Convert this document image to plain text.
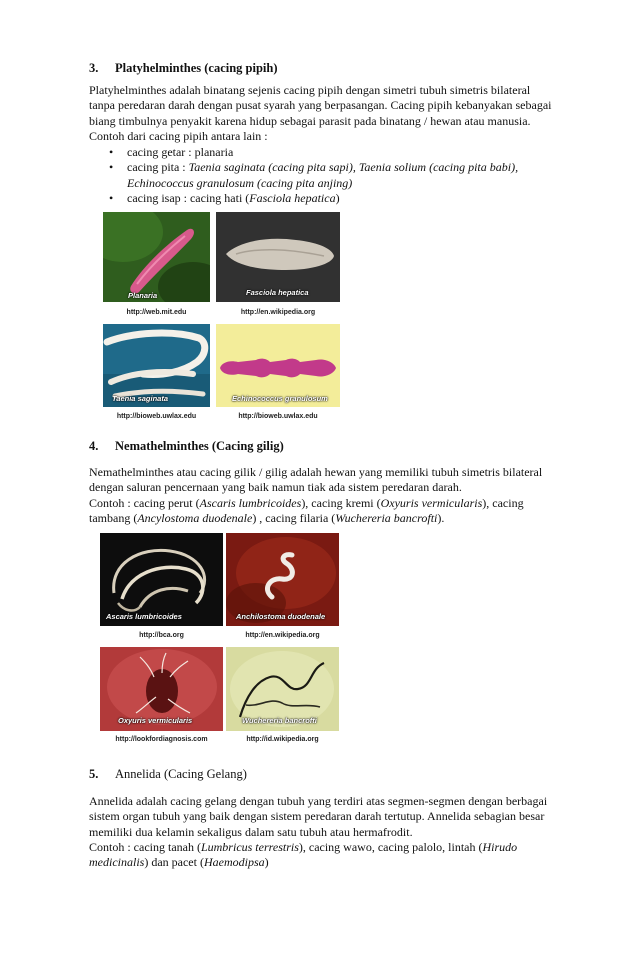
3. Platyhelminthes (cacing pipih)

Platyhelminthes adalah binatang sejenis cacing pipih dengan simetri tubuh simetris bilateral

tanpa peredaran darah dengan pusat syarah yang berpasangan. Cacing pipih kebanyakan sebagai

biang timbulnya penyakit karena hidup sebagai parasit pada binatang / hewan atau manusia.

Contoh dari cacing pipih antara lain :

• cacing getar : planaria
• cacing pita : Taenia saginata (cacing pita sapi), Taenia solium (cacing pita babi),
Echinococcus granulosum (cacing pita anjing)
• cacing isap : cacing hati (Fasciola hepatica)
Planaria	Fasciola hepatica
http://web.mit.edu	http://en.wikipedia.org
Taenia saginata	Echinococcus granulosum
http://bioweb.uwlax.edu	http://bioweb.uwlax.edu
4. Nemathelminthes (Cacing gilig)

Nemathelminthes atau cacing gilik / gilig adalah hewan yang memiliki tubuh simetris bilateral

dengan saluran pencernaan yang baik namun tiak ada sistem peredaran darah.

Contoh : cacing perut (Ascaris lumbricoides), cacing kremi (Oxyuris vermicularis), cacing

tambang (Ancylostoma duodenale) , cacing filaria (Wuchereria bancrofti).

Ascaris lumbricoides	Anchilostoma duodenale
http://bca.org	http://en.wikipedia.org
Oxyuris vermicularis	Wuchereria bancrofti
http://lookfordiagnosis.com	http://id.wikipedia.org
5. Annelida (Cacing Gelang)

Annelida adalah cacing gelang dengan tubuh yang terdiri atas segmen-segmen dengan berbagai

sistem organ tubuh yang baik dengan sistem peredaran darah tertutup. Annelida sebagian besar

memiliki dua kelamin sekaligus dalam satu tubuh atau hermafrodit.

Contoh : cacing tanah (Lumbricus terrestris), cacing wawo, cacing palolo, lintah (Hirudo

medicinalis) dan pacet (Haemodipsa)
